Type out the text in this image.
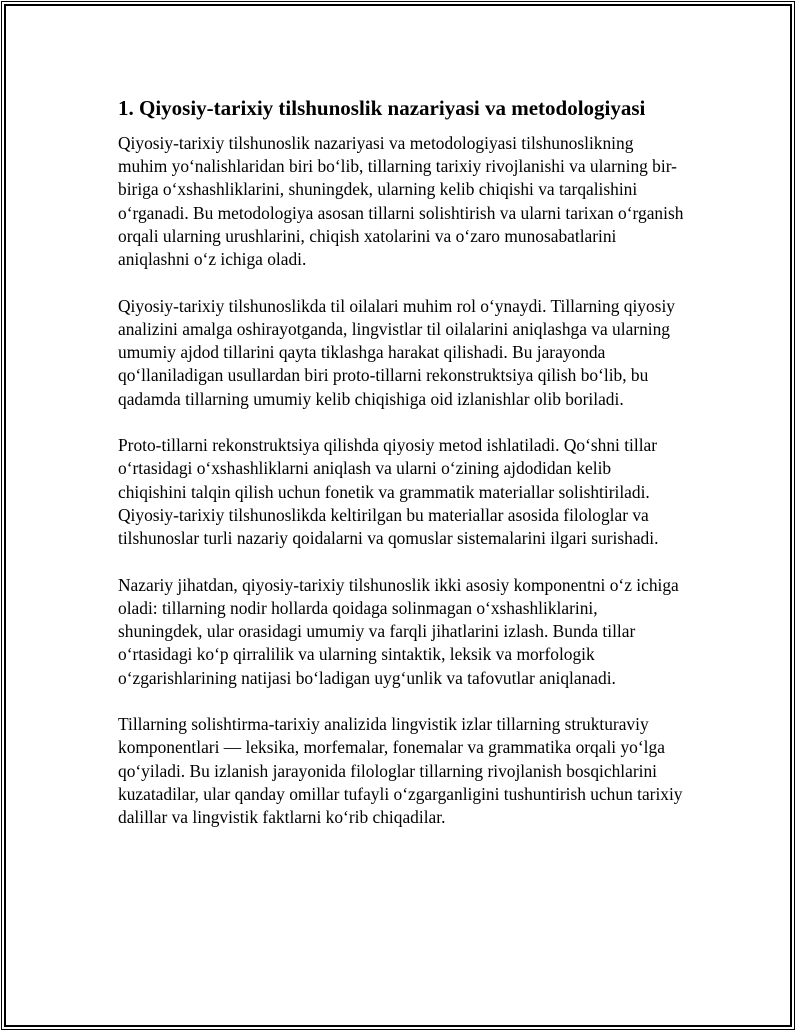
1. Qiyosiy-tarixiy tilshunoslik nazariyasi va metodologiyasi

Qiyosiy-tarixiy tilshunoslik nazariyasi va metodologiyasi tilshunoslikning muhim yo‘nalishlaridan biri bo‘lib, tillarning tarixiy rivojlanishi va ularning bir-biriga o‘xshashliklarini, shuningdek, ularning kelib chiqishi va tarqalishini o‘rganadi. Bu metodologiya asosan tillarni solishtirish va ularni tarixan o‘rganish orqali ularning urushlarini, chiqish xatolarini va o‘zaro munosabatlarini aniqlashni o‘z ichiga oladi.

Qiyosiy-tarixiy tilshunoslikda til oilalari muhim rol o‘ynaydi. Tillarning qiyosiy analizini amalga oshirayotganda, lingvistlar til oilalarini aniqlashga va ularning umumiy ajdod tillarini qayta tiklashga harakat qilishadi. Bu jarayonda qo‘llaniladigan usullardan biri proto-tillarni rekonstruktsiya qilish bo‘lib, bu qadamda tillarning umumiy kelib chiqishiga oid izlanishlar olib boriladi.

Proto-tillarni rekonstruktsiya qilishda qiyosiy metod ishlatiladi. Qo‘shni tillar o‘rtasidagi o‘xshashliklarni aniqlash va ularni o‘zining ajdodidan kelib chiqishini talqin qilish uchun fonetik va grammatik materiallar solishtiriladi. Qiyosiy-tarixiy tilshunoslikda keltirilgan bu materiallar asosida filologlar va tilshunoslar turli nazariy qoidalarni va qomuslar sistemalarini ilgari surishadi.

Nazariy jihatdan, qiyosiy-tarixiy tilshunoslik ikki asosiy komponentni o‘z ichiga oladi: tillarning nodir hollarda qoidaga solinmagan o‘xshashliklarini, shuningdek, ular orasidagi umumiy va farqli jihatlarini izlash. Bunda tillar o‘rtasidagi ko‘p qirralilik va ularning sintaktik, leksik va morfologik o‘zgarishlarining natijasi bo‘ladigan uyg‘unlik va tafovutlar aniqlanadi.

Tillarning solishtirma-tarixiy analizida lingvistik izlar tillarning strukturaviy komponentlari — leksika, morfemalar, fonemalar va grammatika orqali yo‘lga qo‘yiladi. Bu izlanish jarayonida filologlar tillarning rivojlanish bosqichlarini kuzatadilar, ular qanday omillar tufayli o‘zgarganligini tushuntirish uchun tarixiy dalillar va lingvistik faktlarni ko‘rib chiqadilar.
